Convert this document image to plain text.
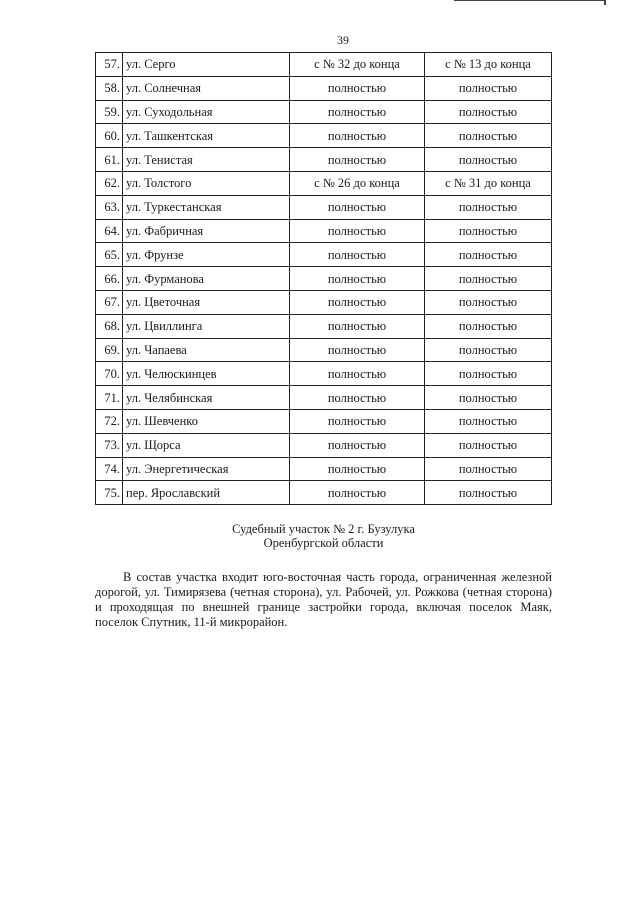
39
57.	ул. Серго	с № 32 до конца	с № 13 до конца
58.	ул. Солнечная	полностью	полностью
59.	ул. Суходольная	полностью	полностью
60.	ул. Ташкентская	полностью	полностью
61.	ул. Тенистая	полностью	полностью
62.	ул. Толстого	с № 26 до конца	с № 31 до конца
63.	ул. Туркестанская	полностью	полностью
64.	ул. Фабричная	полностью	полностью
65.	ул. Фрунзе	полностью	полностью
66.	ул. Фурманова	полностью	полностью
67.	ул. Цветочная	полностью	полностью
68.	ул. Цвиллинга	полностью	полностью
69.	ул. Чапаева	полностью	полностью
70.	ул. Челюскинцев	полностью	полностью
71.	ул. Челябинская	полностью	полностью
72.	ул. Шевченко	полностью	полностью
73.	ул. Щорса	полностью	полностью
74.	ул. Энергетическая	полностью	полностью
75.	пер. Ярославский	полностью	полностью
Судебный участок № 2 г. Бузулука
Оренбургской области

В состав участка входит юго-восточная часть города, ограниченная железной дорогой, ул. Тимирязева (четная сторона), ул. Рабочей, ул. Рожкова (четная сторона) и проходящая по внешней границе застройки города, включая поселок Маяк, поселок Спутник, 11-й микрорайон.
